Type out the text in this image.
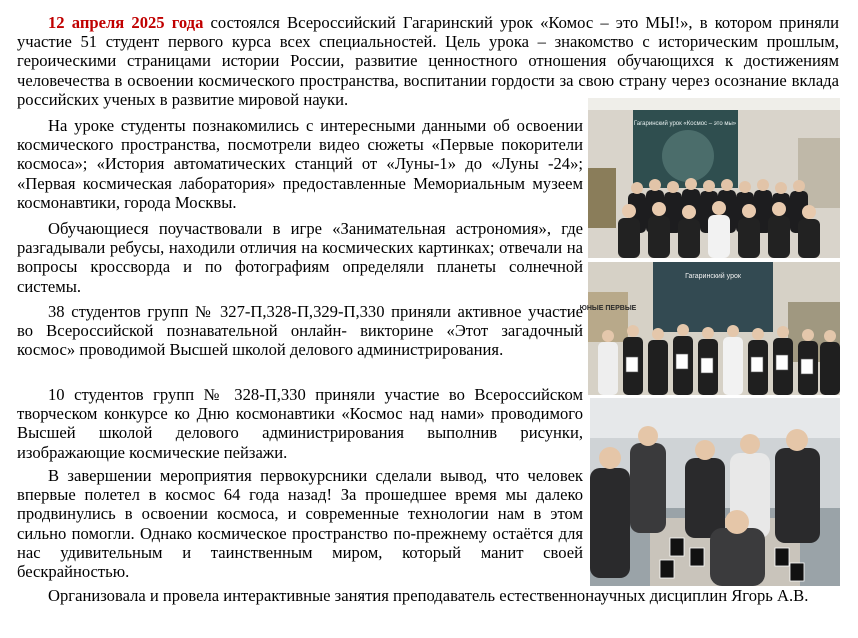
12 апреля 2025 года состоялся Всероссийский Гагаринский урок «Комос – это МЫ!», в котором приняли участие 51 студент первого курса всех специальностей. Цель урока – знакомство с историческим прошлым, героическими страницами истории России, развитие ценностного отношения обучающихся к достижениям человечества в освоении космического пространства, воспитании гордости за свою страну через осознание вклада российских ученых в развитие мировой науки.

На уроке студенты познакомились с интересными данными об освоении космического пространства, посмотрели видео сюжеты «Первые покорители космоса»; «История автоматических станций от «Луны-1» до «Луны -24»; «Первая космическая лаборатория» предоставленные Мемориальным музеем космонавтики, города Москвы.

Обучающиеся поучаствовали в игре «Занимательная астрономия», где разгадывали ребусы, находили отличия на космических картинках; отвечали на вопросы кроссворда и по фотографиям определяли планеты солнечной системы.

38 студентов групп № 327-П,328-П,329-П,330 приняли активное участие во Всероссийской познавательной онлайн- викторине «Этот загадочный космос» проводимой Высшей школой делового администрирования.

10 студентов групп № 328-П,330 приняли участие во Всероссийском творческом конкурсе ко Дню космонавтики «Космос над нами» проводимого Высшей школой делового администрирования выполнив рисунки, изображающие космические пейзажи.

В завершении мероприятия первокурсники сделали вывод, что человек впервые полетел в космос 64 года назад! За прошедшее время мы далеко продвинулись в освоении космоса, и современные технологии нам в этом сильно помогли. Однако космическое пространство по-прежнему остаётся для нас удивительным и таинственным миром, который манит своей бескрайностью.

Организовала и провела интерактивные занятия преподаватель естественнонаучных дисциплин Ягорь А.В.

Гагаринский урок «Космос – это мы»
Гагаринский урок
ЮНЫЕ ПЕРВЫЕ
